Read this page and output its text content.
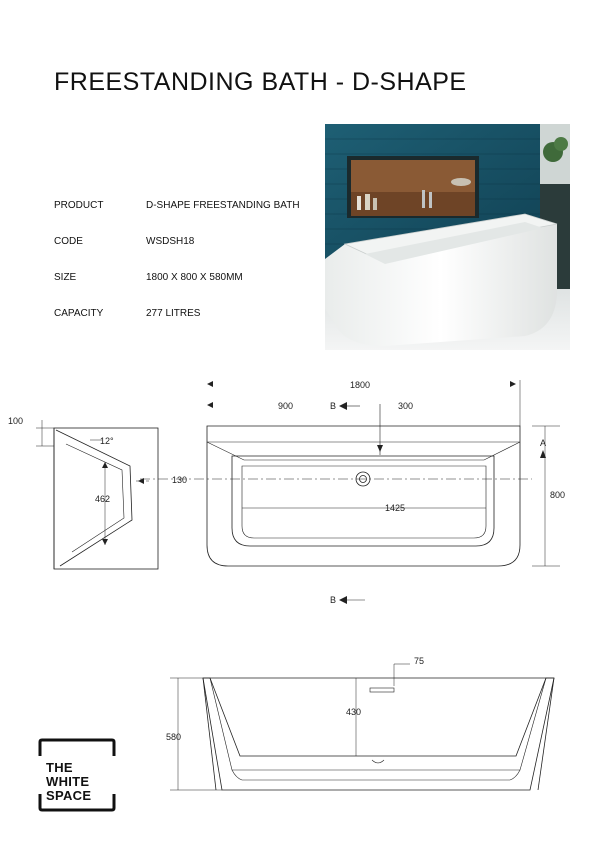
FREESTANDING BATH - D-SHAPE
PRODUCT	D-SHAPE FREESTANDING BATH
CODE	WSDSH18
SIZE	1800 X 800 X 580MM
CAPACITY	277 LITRES
100
12°
462
1800
900	B	300
A
800
130
1425
B
75
430
580
THE
WHITE
SPACE
